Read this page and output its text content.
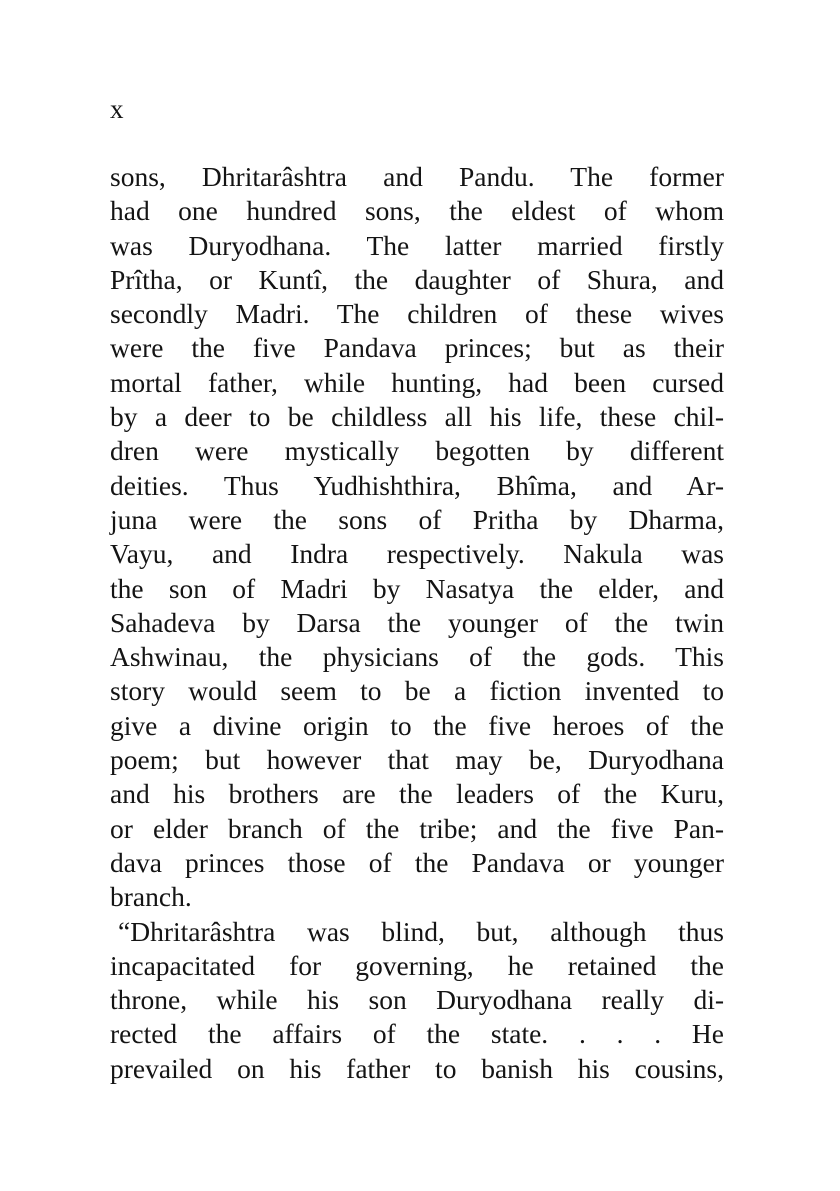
x
sons, Dhritarâshtra and Pandu. The former
had one hundred sons, the eldest of whom
was Duryodhana. The latter married firstly
Prîtha, or Kuntî, the daughter of Shura, and
secondly Madri. The children of these wives
were the five Pandava princes; but as their
mortal father, while hunting, had been cursed
by a deer to be childless all his life, these chil-
dren were mystically begotten by different
deities. Thus Yudhishthira, Bhîma, and Ar-
juna were the sons of Pritha by Dharma,
Vayu, and Indra respectively. Nakula was
the son of Madri by Nasatya the elder, and
Sahadeva by Darsa the younger of the twin
Ashwinau, the physicians of the gods. This
story would seem to be a fiction invented to
give a divine origin to the five heroes of the
poem; but however that may be, Duryodhana
and his brothers are the leaders of the Kuru,
or elder branch of the tribe; and the five Pan-
dava princes those of the Pandava or younger
branch.
“Dhritarâshtra was blind, but, although thus
incapacitated for governing, he retained the
throne, while his son Duryodhana really di-
rected the affairs of the state. . . . He
prevailed on his father to banish his cousins,
